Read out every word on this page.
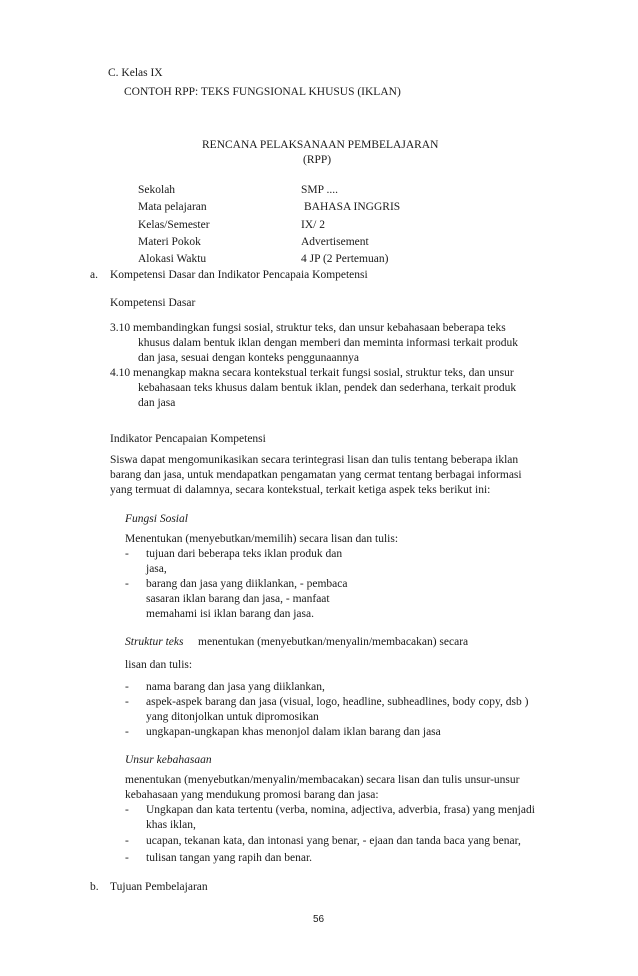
C. Kelas IX
CONTOH RPP: TEKS FUNGSIONAL KHUSUS (IKLAN)
RENCANA PELAKSANAAN PEMBELAJARAN
(RPP)
Sekolah	SMP ....
Mata pelajaran	BAHASA INGGRIS
Kelas/Semester	IX/ 2
Materi Pokok	Advertisement
Alokasi Waktu	4 JP (2 Pertemuan)
a. Kompetensi Dasar dan Indikator Pencapaia Kompetensi
Kompetensi Dasar
3.10 membandingkan fungsi sosial, struktur teks, dan unsur kebahasaan beberapa teks
khusus dalam bentuk iklan dengan memberi dan meminta informasi terkait produk
dan jasa, sesuai dengan konteks penggunaannya
4.10 menangkap makna secara kontekstual terkait fungsi sosial, struktur teks, dan unsur
kebahasaan teks khusus dalam bentuk iklan, pendek dan sederhana, terkait produk
dan jasa
Indikator Pencapaian Kompetensi
Siswa dapat mengomunikasikan secara terintegrasi lisan dan tulis tentang beberapa iklan
barang dan jasa, untuk mendapatkan pengamatan yang cermat tentang berbagai informasi
yang termuat di dalamnya, secara kontekstual, terkait ketiga aspek teks berikut ini:
Fungsi Sosial
Menentukan (menyebutkan/memilih) secara lisan dan tulis:
- tujuan dari beberapa teks iklan produk dan
jasa,
- barang dan jasa yang diiklankan, - pembaca
sasaran iklan barang dan jasa, - manfaat
memahami isi iklan barang dan jasa.
Struktur teks menentukan (menyebutkan/menyalin/membacakan) secara
lisan dan tulis:
- nama barang dan jasa yang diiklankan,
- aspek-aspek barang dan jasa (visual, logo, headline, subheadlines, body copy, dsb )
yang ditonjolkan untuk dipromosikan
- ungkapan-ungkapan khas menonjol dalam iklan barang dan jasa
Unsur kebahasaan
menentukan (menyebutkan/menyalin/membacakan) secara lisan dan tulis unsur-unsur
kebahasaan yang mendukung promosi barang dan jasa:
- Ungkapan dan kata tertentu (verba, nomina, adjectiva, adverbia, frasa) yang menjadi
khas iklan,
- ucapan, tekanan kata, dan intonasi yang benar, - ejaan dan tanda baca yang benar,
- tulisan tangan yang rapih dan benar.
b. Tujuan Pembelajaran
56
